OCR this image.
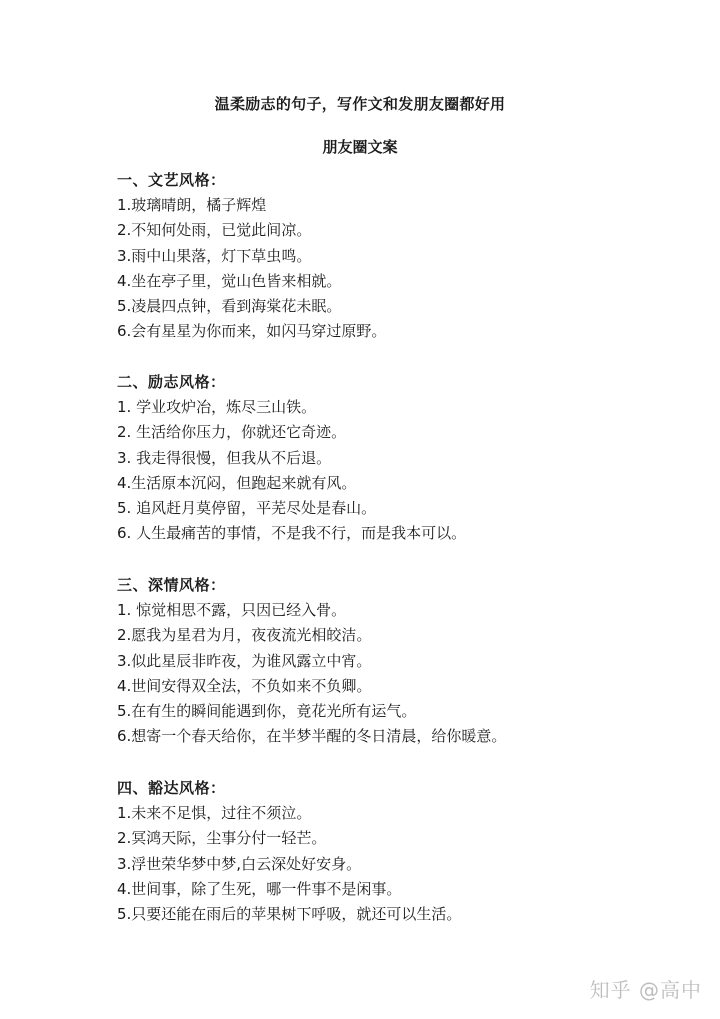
温柔励志的句子，写作文和发朋友圈都好用
朋友圈文案
一、文艺风格：
1.玻璃晴朗，橘子辉煌
2.不知何处雨，已觉此间凉。
3.雨中山果落，灯下草虫鸣。
4.坐在亭子里，觉山色皆来相就。
5.凌晨四点钟，看到海棠花未眠。
6.会有星星为你而来，如闪马穿过原野。
二、励志风格：
1. 学业攻炉冶，炼尽三山铁。
2. 生活给你压力，你就还它奇迹。
3. 我走得很慢，但我从不后退。
4.生活原本沉闷，但跑起来就有风。
5. 追风赶月莫停留，平芜尽处是春山。
6. 人生最痛苦的事情，不是我不行，而是我本可以。
三、深情风格：
1. 惊觉相思不露，只因已经入骨。
2.愿我为星君为月，夜夜流光相皎洁。
3.似此星辰非昨夜，为谁风露立中宵。
4.世间安得双全法，不负如来不负卿。
5.在有生的瞬间能遇到你，竟花光所有运气。
6.想寄一个春天给你，在半梦半醒的冬日清晨，给你暖意。
四、豁达风格：
1.未来不足惧，过往不须泣。
2.冥鸿天际，尘事分付一轻芒。
3.浮世荣华梦中梦,白云深处好安身。
4.世间事，除了生死，哪一件事不是闲事。
5.只要还能在雨后的苹果树下呼吸，就还可以生活。
知乎 @高中
